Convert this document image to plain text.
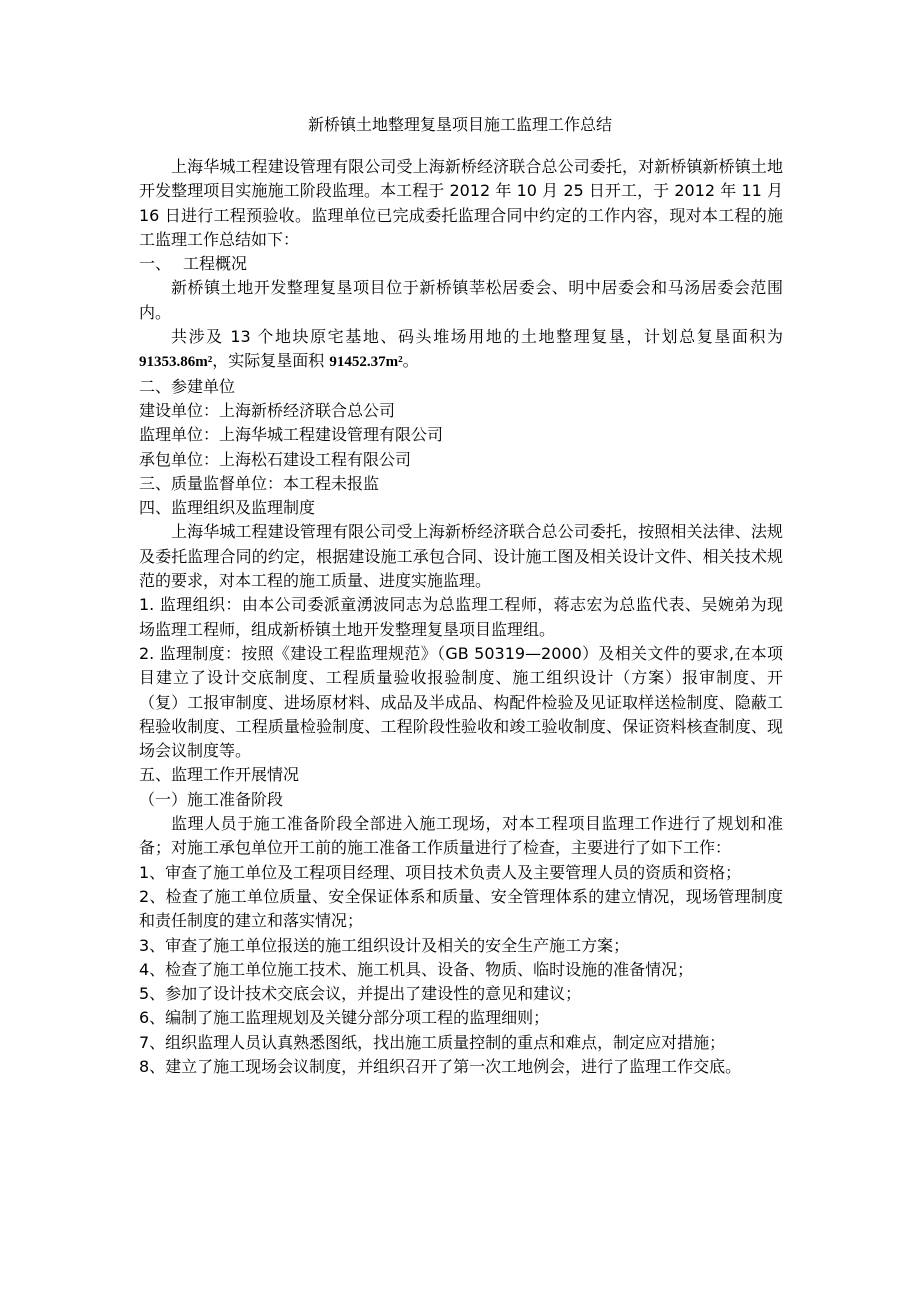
新桥镇土地整理复垦项目施工监理工作总结

上海华城工程建设管理有限公司受上海新桥经济联合总公司委托，对新桥镇新桥镇土地开发整理项目实施施工阶段监理。本工程于 2012 年 10 月 25 日开工，于 2012 年 11 月 16 日进行工程预验收。监理单位已完成委托监理合同中约定的工作内容，现对本工程的施工监理工作总结如下：

一、 工程概况

新桥镇土地开发整理复垦项目位于新桥镇莘松居委会、明中居委会和马汤居委会范围内。

共涉及 13 个地块原宅基地、码头堆场用地的土地整理复垦，计划总复垦面积为 91353.86m²，实际复垦面积 91452.37m²。

二、参建单位

建设单位：上海新桥经济联合总公司

监理单位：上海华城工程建设管理有限公司

承包单位：上海松石建设工程有限公司

三、质量监督单位：本工程未报监

四、监理组织及监理制度

上海华城工程建设管理有限公司受上海新桥经济联合总公司委托，按照相关法律、法规及委托监理合同的约定，根据建设施工承包合同、设计施工图及相关设计文件、相关技术规范的要求，对本工程的施工质量、进度实施监理。

1. 监理组织：由本公司委派童湧波同志为总监理工程师，蒋志宏为总监代表、吴婉弟为现场监理工程师，组成新桥镇土地开发整理复垦项目监理组。

2. 监理制度：按照《建设工程监理规范》（GB 50319—2000）及相关文件的要求,在本项目建立了设计交底制度、工程质量验收报验制度、施工组织设计（方案）报审制度、开（复）工报审制度、进场原材料、成品及半成品、构配件检验及见证取样送检制度、隐蔽工程验收制度、工程质量检验制度、工程阶段性验收和竣工验收制度、保证资料核查制度、现场会议制度等。

五、监理工作开展情况

（一）施工准备阶段

监理人员于施工准备阶段全部进入施工现场，对本工程项目监理工作进行了规划和准备；对施工承包单位开工前的施工准备工作质量进行了检查，主要进行了如下工作：

1、审查了施工单位及工程项目经理、项目技术负责人及主要管理人员的资质和资格；

2、检查了施工单位质量、安全保证体系和质量、安全管理体系的建立情况，现场管理制度和责任制度的建立和落实情况；

3、审查了施工单位报送的施工组织设计及相关的安全生产施工方案；

4、检查了施工单位施工技术、施工机具、设备、物质、临时设施的准备情况；

5、参加了设计技术交底会议，并提出了建设性的意见和建议；

6、编制了施工监理规划及关键分部分项工程的监理细则；

7、组织监理人员认真熟悉图纸，找出施工质量控制的重点和难点，制定应对措施；

8、建立了施工现场会议制度，并组织召开了第一次工地例会，进行了监理工作交底。
